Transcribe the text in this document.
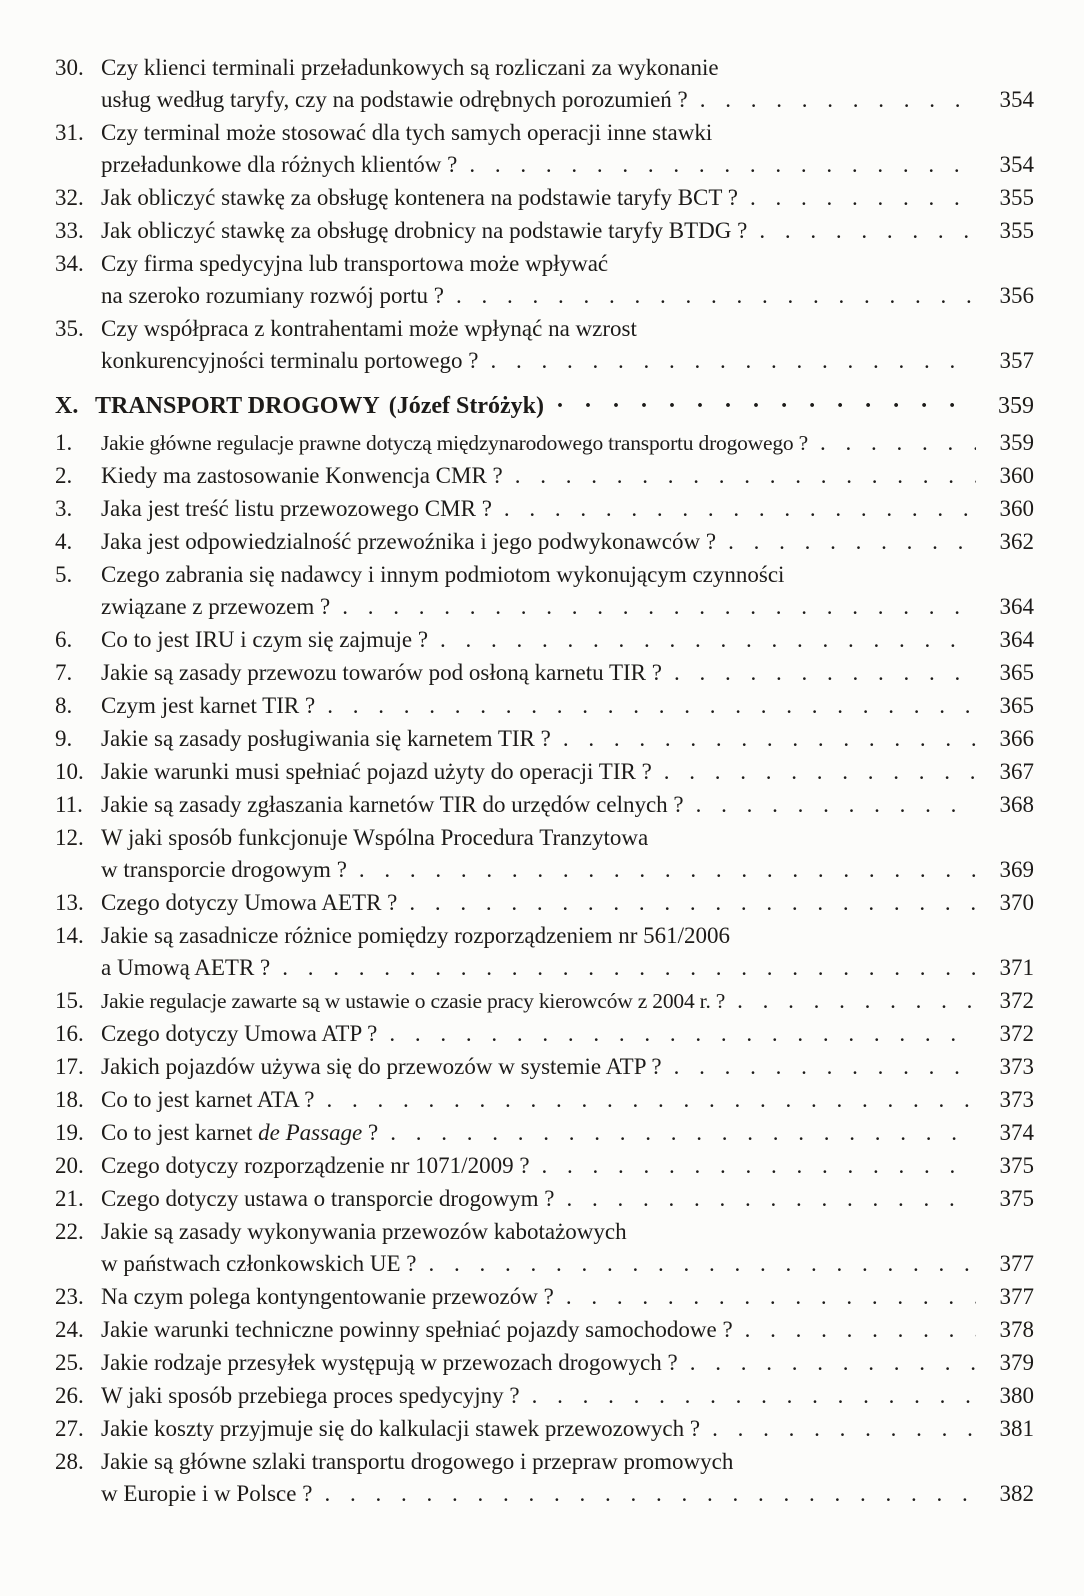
30. Czy klienci terminali przeładunkowych są rozliczani za wykonanie
usług według taryfy, czy na podstawie odrębnych porozumień ? . . .	354
31. Czy terminal może stosować dla tych samych operacji inne stawki
przeładunkowe dla różnych klientów ? . . .	354
32. Jak obliczyć stawkę za obsługę kontenera na podstawie taryfy BCT ? . . .	355
33. Jak obliczyć stawkę za obsługę drobnicy na podstawie taryfy BTDG ? . . .	355
34. Czy firma spedycyjna lub transportowa może wpływać
na szeroko rozumiany rozwój portu ? . . .	356
35. Czy współpraca z kontrahentami może wpłynąć na wzrost
konkurencyjności terminalu portowego ? . . .	357
X. TRANSPORT DROGOWY (Józef Stróżyk) · · ·	359
1.	Jakie główne regulacje prawne dotyczą międzynarodowego transportu drogowego ? . . .	359
2.	Kiedy ma zastosowanie Konwencja CMR ? . . .	360
3.	Jaka jest treść listu przewozowego CMR ? . . .	360
4.	Jaka jest odpowiedzialność przewoźnika i jego podwykonawców ? . . .	362
5.	Czego zabrania się nadawcy i innym podmiotom wykonującym czynności
związane z przewozem ? . . .	364
6.	Co to jest IRU i czym się zajmuje ? . . .	364
7.	Jakie są zasady przewozu towarów pod osłoną karnetu TIR ? . . .	365
8.	Czym jest karnet TIR ? . . .	365
9.	Jakie są zasady posługiwania się karnetem TIR ? . . .	366
10. Jakie warunki musi spełniać pojazd użyty do operacji TIR ? . . .	367
11. Jakie są zasady zgłaszania karnetów TIR do urzędów celnych ? . . .	368
12. W jaki sposób funkcjonuje Wspólna Procedura Tranzytowa
w transporcie drogowym ? . . .	369
13. Czego dotyczy Umowa AETR ? . . .	370
14. Jakie są zasadnicze różnice pomiędzy rozporządzeniem nr 561/2006
a Umową AETR ? . . .	371
15. Jakie regulacje zawarte są w ustawie o czasie pracy kierowców z 2004 r. ? . . .	372
16. Czego dotyczy Umowa ATP ? . . .	372
17. Jakich pojazdów używa się do przewozów w systemie ATP ? . . .	373
18. Co to jest karnet ATA ? . . .	373
19. Co to jest karnet de Passage ? . . .	374
20. Czego dotyczy rozporządzenie nr 1071/2009 ? . . .	375
21. Czego dotyczy ustawa o transporcie drogowym ? . . .	375
22. Jakie są zasady wykonywania przewozów kabotażowych
w państwach członkowskich UE ? . . .	377
23. Na czym polega kontyngentowanie przewozów ? . . .	377
24. Jakie warunki techniczne powinny spełniać pojazdy samochodowe ? . . .	378
25. Jakie rodzaje przesyłek występują w przewozach drogowych ? . . .	379
26. W jaki sposób przebiega proces spedycyjny ? . . .	380
27. Jakie koszty przyjmuje się do kalkulacji stawek przewozowych ? . . .	381
28. Jakie są główne szlaki transportu drogowego i przepraw promowych
w Europie i w Polsce ? . . .	382
